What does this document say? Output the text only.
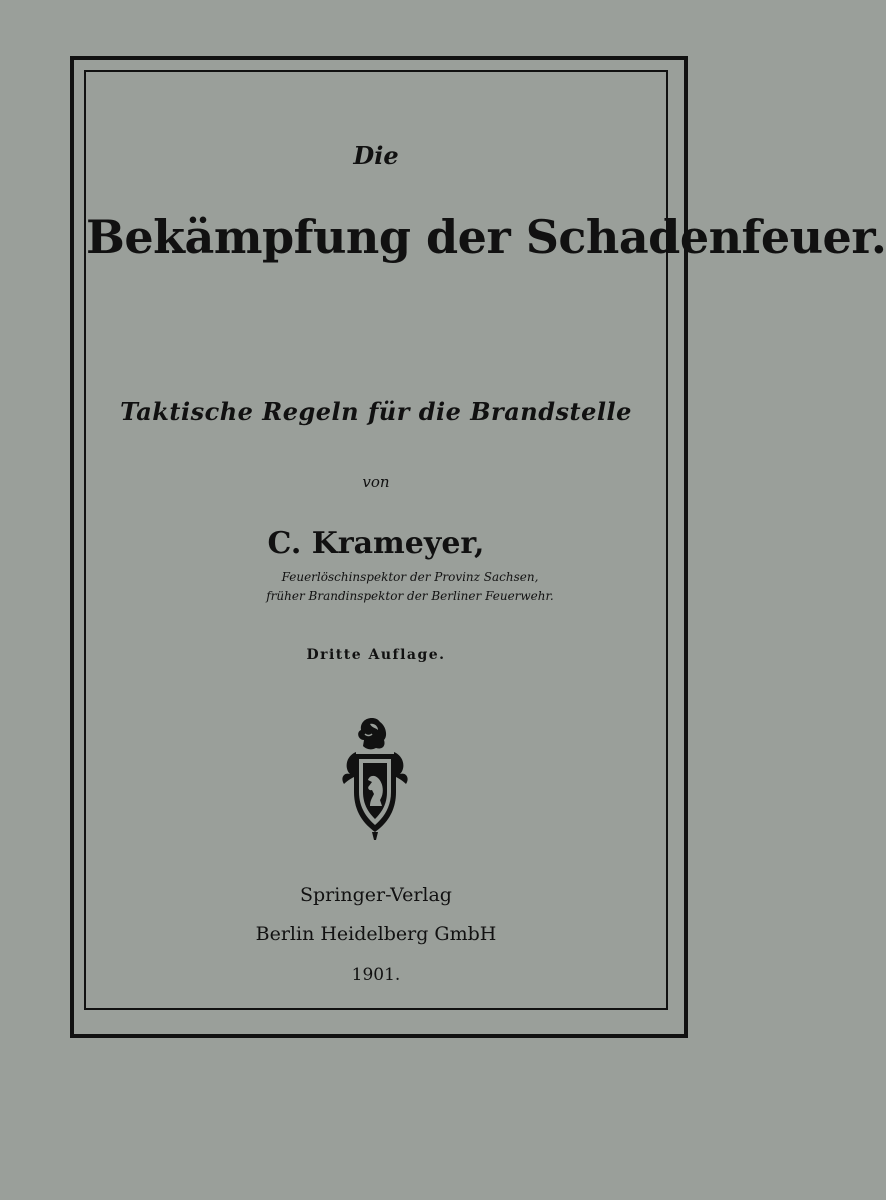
Die
Bekämpfung der Schadenfeuer.
Taktische Regeln für die Brandstelle
von
C. Krameyer,
Feuerlöschinspektor der Provinz Sachsen,
früher Brandinspektor der Berliner Feuerwehr.
Dritte Auflage.
Springer-Verlag
Berlin Heidelberg GmbH
1901.
